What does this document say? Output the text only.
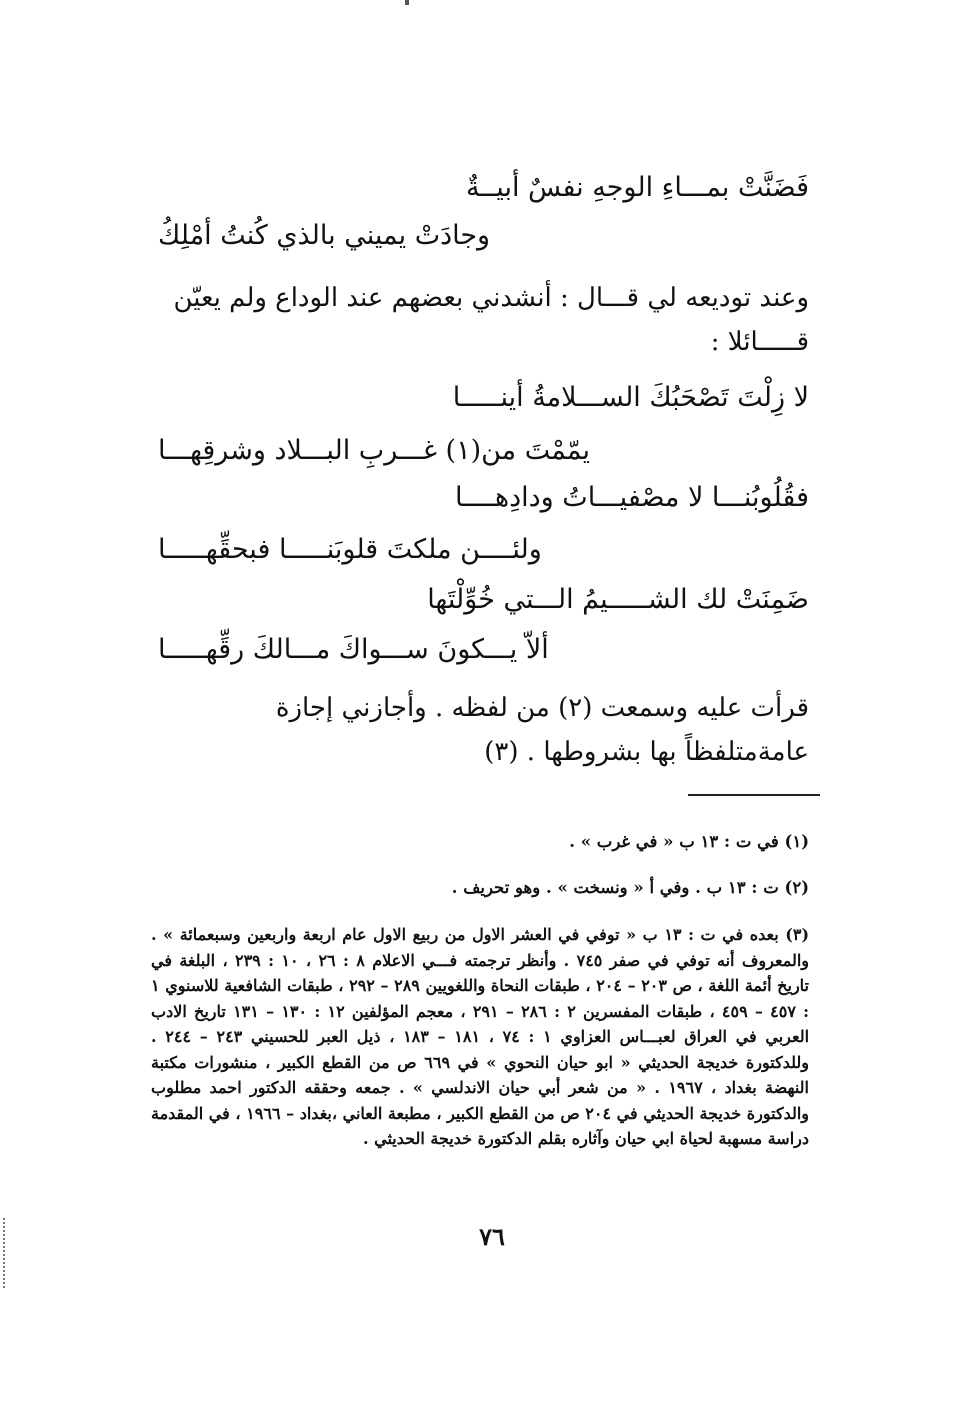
فَضَنَّتْ بمـــاءِ الوجهِ نفسٌ أبيــةٌ
وجادَتْ يميني بالذي كُنتُ أمْلِكُ
وعند توديعه لي قـــال : أنشدني بعضهم عند الوداع ولم يعيّن قـــــائلا :
لا زِلْتَ تَصْحَبُكَ الســـلامةُ أينـــــا
يمّمْتَ من(١) غـــربِ البـــلاد وشرقِهـــا
فقُلُوبُنـــا لا مصْفيـــاتُ ودادِهــــا
ولئــــن ملكتَ قلوبَنـــــا فبحقِّهـــــا
ضَمِنَتْ لك الشـــــيمُ الـــتي خُوِّلْتَها
ألاّ يـــكونَ ســـواكَ مـــالكَ رقِّهـــــا
قرأت عليه وسمعت (٢) من لفظه . وأجازني إجازة عامةمتلفظاً بها بشروطها . (٣)
(١) في ت : ١٣ ب « في غرب » .
(٢) ت : ١٣ ب . وفي أ « ونسخت » . وهو تحريف .
(٣) بعده في ت : ١٣ ب « توفي في العشر الاول من ربيع الاول عام اربعة واربعين وسبعمائة » . والمعروف أنه توفي في صفر ٧٤٥ . وأنظر ترجمته فـــي الاعلام ٨ : ٢٦ ، ١٠ : ٢٣٩ ، البلغة في تاريخ أئمة اللغة ، ص ٢٠٣ – ٢٠٤ ، طبقات النحاة واللغويين ٢٨٩ – ٢٩٢ ، طبقات الشافعية للاسنوي ١ : ٤٥٧ – ٤٥٩ ، طبقات المفسرين ٢ : ٢٨٦ – ٢٩١ ، معجم المؤلفين ١٢ : ١٣٠ – ١٣١ تاريخ الادب العربي في العراق لعبـــاس العزاوي ١ : ٧٤ ، ١٨١ – ١٨٣ ، ذيل العبر للحسيني ٢٤٣ – ٢٤٤ . وللدكتورة خديجة الحديثي « ابو حيان النحوي » في ٦٦٩ ص من القطع الكبير ، منشورات مكتبة النهضة بغداد ، ١٩٦٧ . « من شعر أبي حيان الاندلسي » . جمعه وحققه الدكتور احمد مطلوب والدكتورة خديجة الحديثي في ٢٠٤ ص من القطع الكبير ، مطبعة العاني ،بغداد – ١٩٦٦ ، في المقدمة دراسة مسهبة لحياة ابي حيان وآثاره بقلم الدكتورة خديجة الحديثي .
٧٦
